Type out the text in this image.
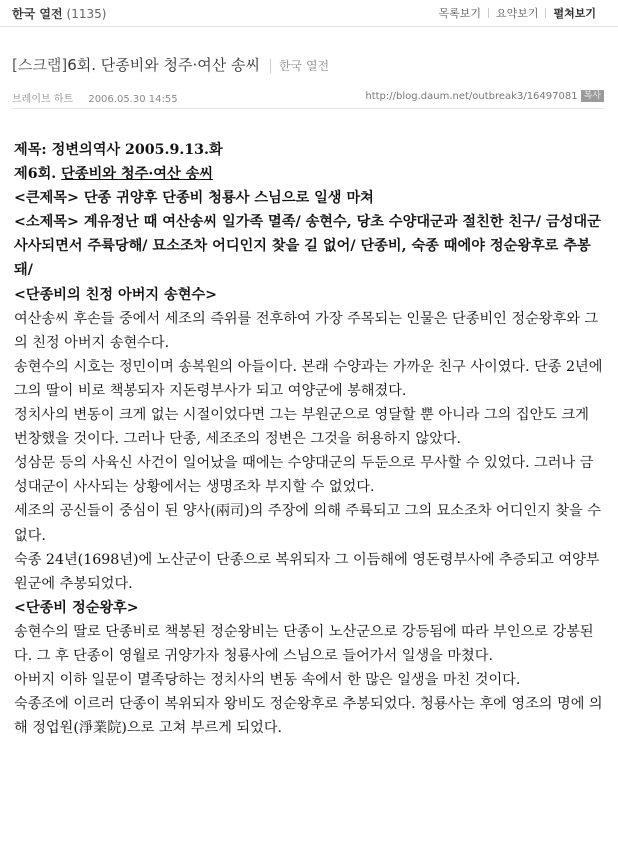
한국 열전 (1135)	목록보기 요약보기 펼쳐보기
[스크랩]6회. 단종비와 청주·여산 송씨 한국 열전
브레이브 하트 2006.05.30 14:55	http://blog.daum.net/outbreak3/16497081 복사
제목: 정변의역사 2005.9.13.화
제6회. 단종비와 청주·여산 송씨
<큰제목> 단종 귀양후 단종비 청룡사 스님으로 일생 마쳐
<소제목> 계유정난 때 여산송씨 일가족 멸족/ 송현수, 당초 수양대군과 절친한 친구/ 금성대군 사사되면서 주륙당해/ 묘소조차 어디인지 찾을 길 없어/ 단종비, 숙종 때에야 정순왕후로 추봉돼/
<단종비의 친정 아버지 송현수>
여산송씨 후손들 중에서 세조의 즉위를 전후하여 가장 주목되는 인물은 단종비인 정순왕후와 그의 친정 아버지 송현수다.
송현수의 시호는 정민이며 송복원의 아들이다. 본래 수양과는 가까운 친구 사이였다. 단종 2년에 그의 딸이 비로 책봉되자 지돈령부사가 되고 여양군에 봉해졌다.
정치사의 변동이 크게 없는 시절이었다면 그는 부원군으로 영달할 뿐 아니라 그의 집안도 크게 번창했을 것이다. 그러나 단종, 세조조의 정변은 그것을 허용하지 않았다.
성삼문 등의 사육신 사건이 일어났을 때에는 수양대군의 두둔으로 무사할 수 있었다. 그러나 금성대군이 사사되는 상황에서는 생명조차 부지할 수 없었다.
세조의 공신들이 중심이 된 양사(兩司)의 주장에 의해 주륙되고 그의 묘소조차 어디인지 찾을 수 없다.
숙종 24년(1698년)에 노산군이 단종으로 복위되자 그 이듬해에 영돈령부사에 추증되고 여양부원군에 추봉되었다.
<단종비 정순왕후>
송현수의 딸로 단종비로 책봉된 정순왕비는 단종이 노산군으로 강등됨에 따라 부인으로 강봉된다. 그 후 단종이 영월로 귀양가자 청룡사에 스님으로 들어가서 일생을 마쳤다.
아버지 이하 일문이 멸족당하는 정치사의 변동 속에서 한 많은 일생을 마친 것이다.
숙종조에 이르러 단종이 복위되자 왕비도 정순왕후로 추봉되었다. 청룡사는 후에 영조의 명에 의해 정업원(淨業院)으로 고쳐 부르게 되었다.
